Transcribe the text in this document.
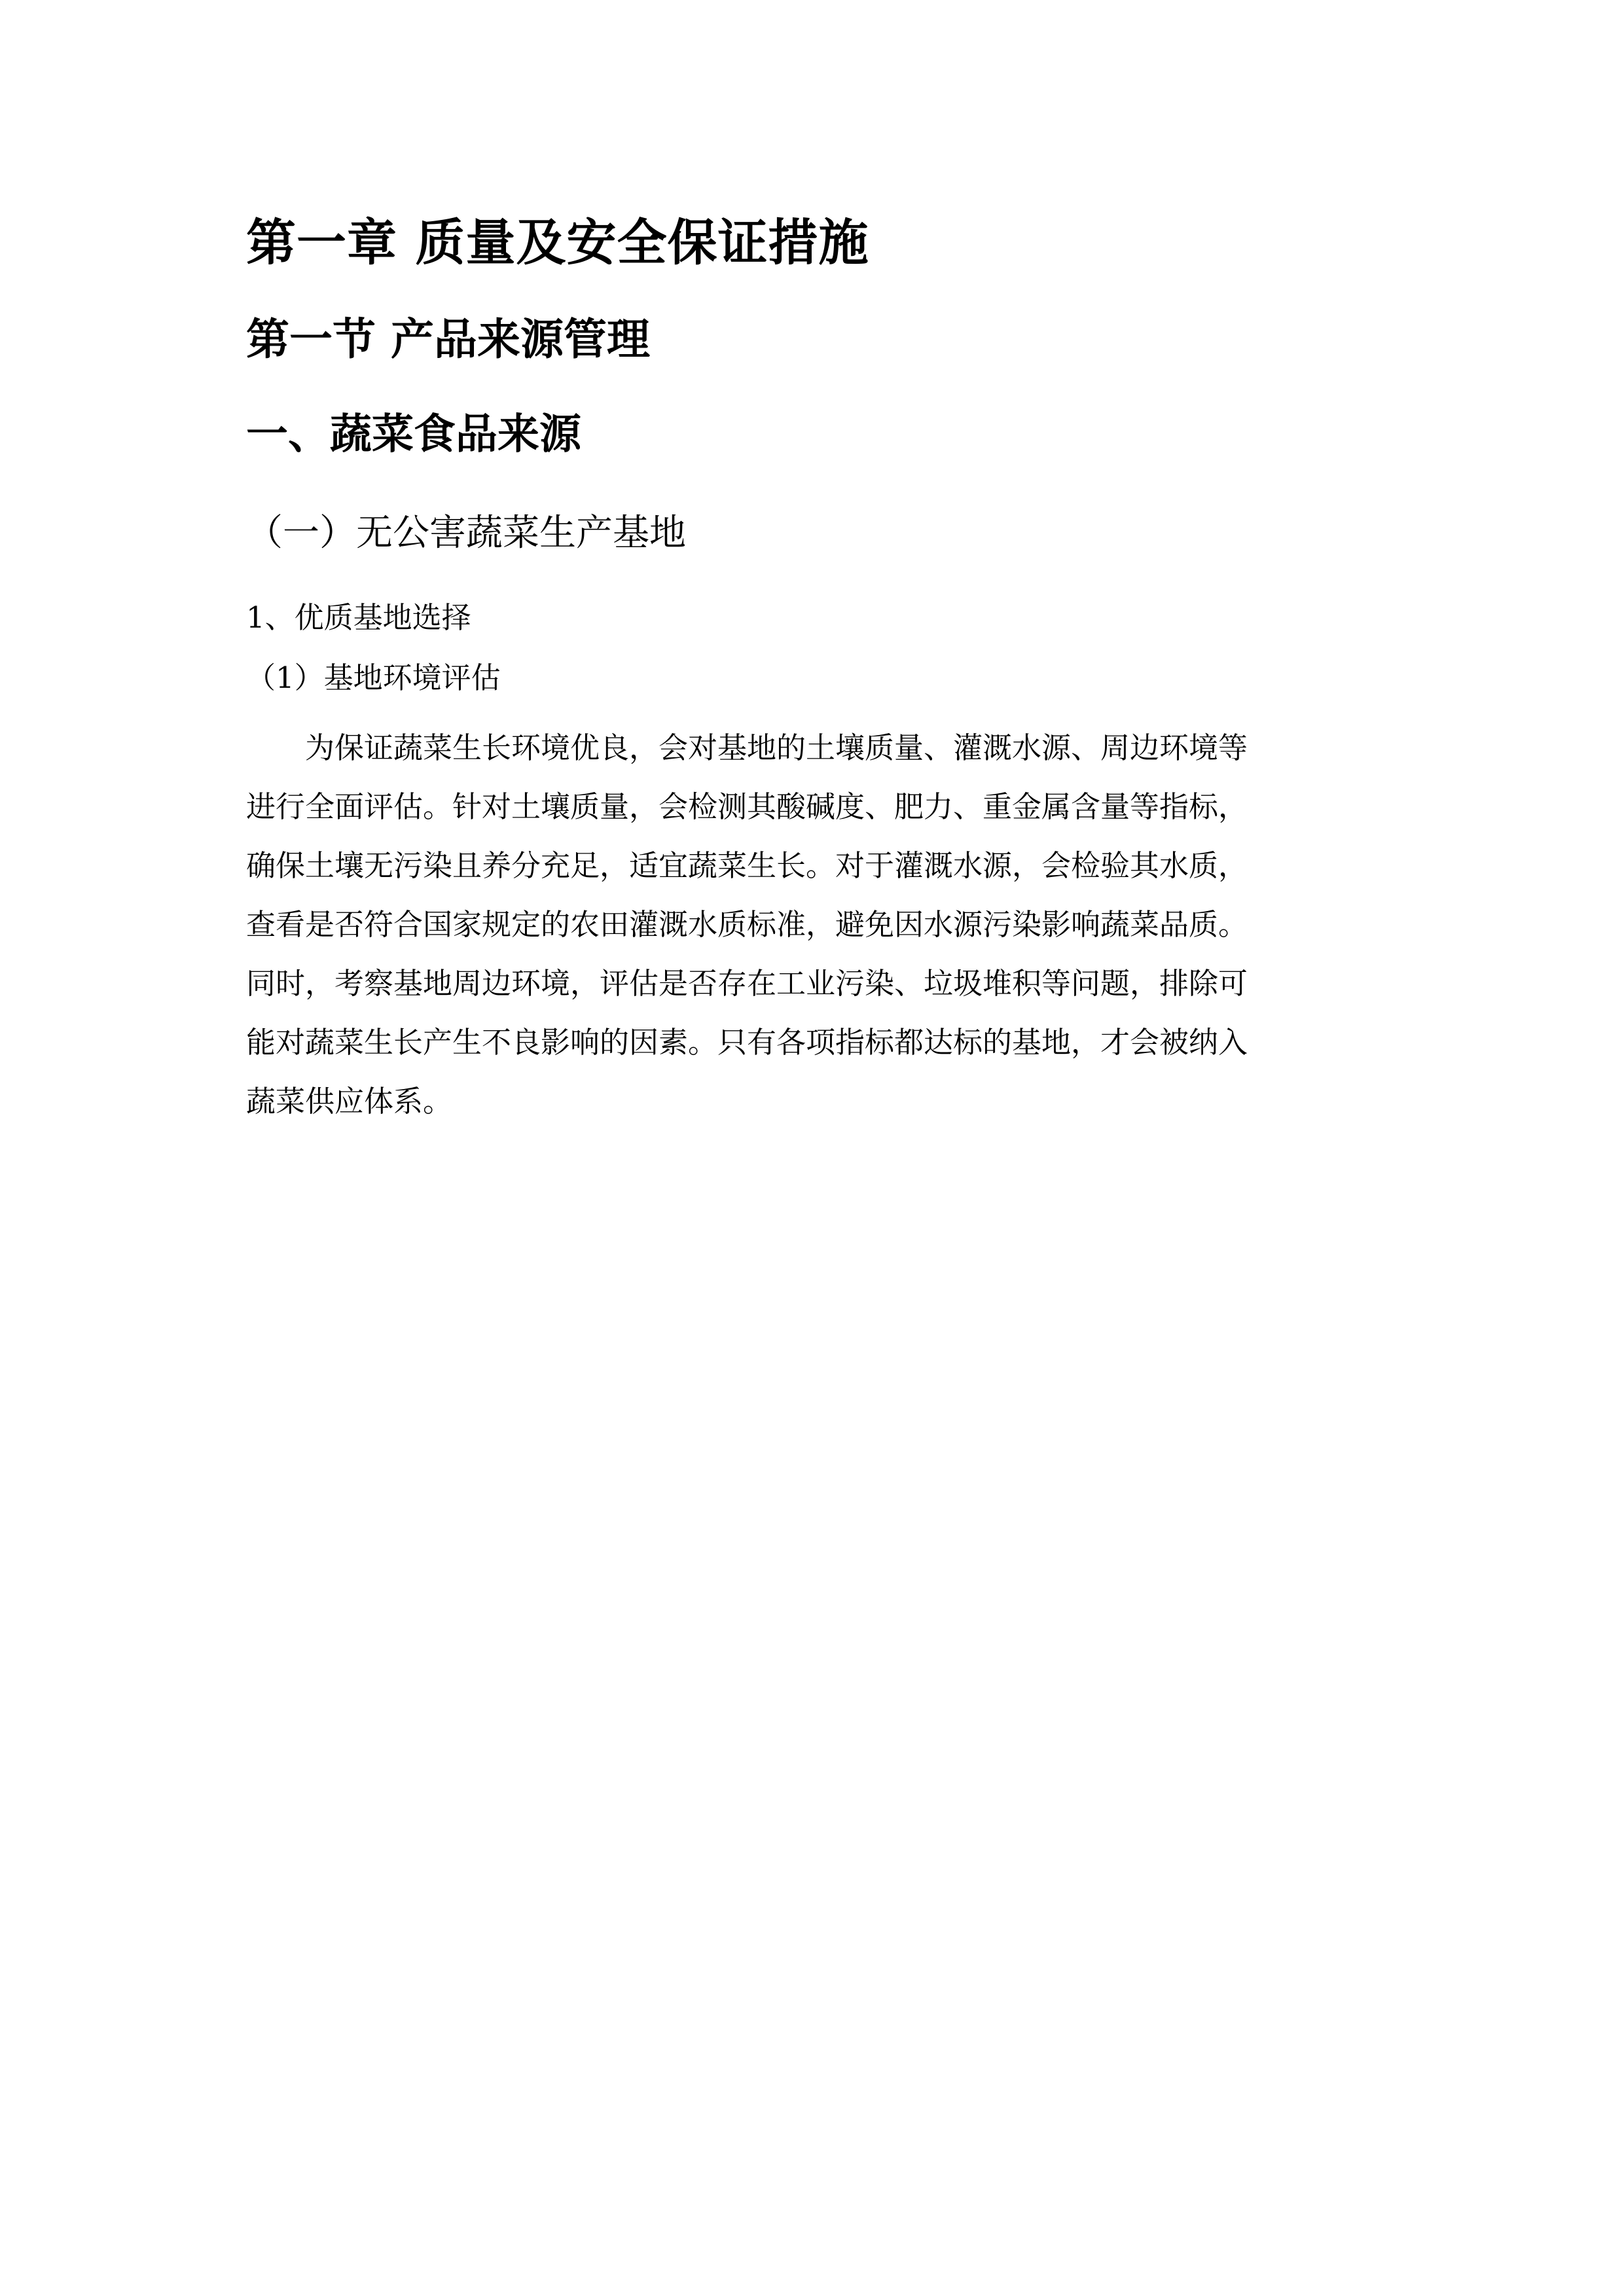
第一章 质量及安全保证措施
第一节 产品来源管理
一、蔬菜食品来源
（一）无公害蔬菜生产基地
1、优质基地选择
（1）基地环境评估
　　为保证蔬菜生长环境优良，会对基地的土壤质量、灌溉水源、周边环境等
进行全面评估。针对土壤质量，会检测其酸碱度、肥力、重金属含量等指标，
确保土壤无污染且养分充足，适宜蔬菜生长。对于灌溉水源，会检验其水质，
查看是否符合国家规定的农田灌溉水质标准，避免因水源污染影响蔬菜品质。
同时，考察基地周边环境，评估是否存在工业污染、垃圾堆积等问题，排除可
能对蔬菜生长产生不良影响的因素。只有各项指标都达标的基地，才会被纳入
蔬菜供应体系。
